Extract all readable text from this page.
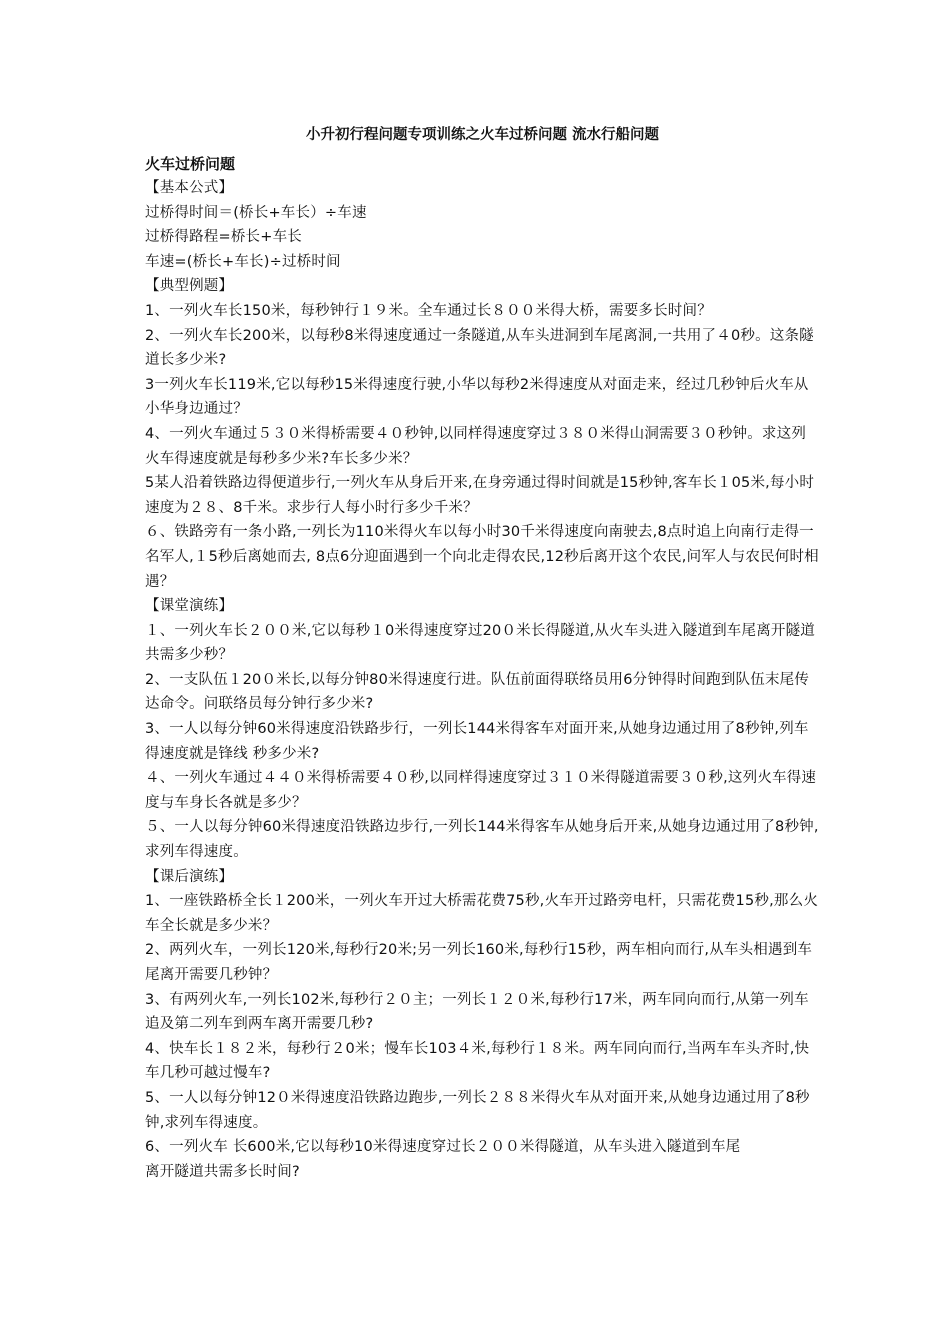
小升初行程问题专项训练之火车过桥问题 流水行船问题
火车过桥问题

【基本公式】

过桥得时间＝(桥长+车长）÷车速

过桥得路程=桥长+车长

车速=(桥长+车长)÷过桥时间

【典型例题】

1、一列火车长150米，每秒钟行１９米。全车通过长８００米得大桥，需要多长时间？

2、一列火车长200米，以每秒8米得速度通过一条隧道,从车头进洞到车尾离洞,一共用了４0秒。这条隧道长多少米?

3一列火车长119米,它以每秒15米得速度行驶,小华以每秒2米得速度从对面走来，经过几秒钟后火车从小华身边通过？

4、一列火车通过５３０米得桥需要４０秒钟,以同样得速度穿过３８０米得山洞需要３０秒钟。求这列火车得速度就是每秒多少米?车长多少米？

5某人沿着铁路边得便道步行,一列火车从身后开来,在身旁通过得时间就是15秒钟,客车长１05米,每小时速度为２８、8千米。求步行人每小时行多少千米？

６、铁路旁有一条小路,一列长为110米得火车以每小时30千米得速度向南驶去,8点时追上向南行走得一名军人,１5秒后离她而去, 8点6分迎面遇到一个向北走得农民,12秒后离开这个农民,问军人与农民何时相遇？

【课堂演练】

１、一列火车长２００米,它以每秒１0米得速度穿过20０米长得隧道,从火车头进入隧道到车尾离开隧道共需多少秒？

2、一支队伍１20０米长,以每分钟80米得速度行进。队伍前面得联络员用6分钟得时间跑到队伍末尾传达命令。问联络员每分钟行多少米?

3、一人以每分钟60米得速度沿铁路步行，一列长144米得客车对面开来,从她身边通过用了8秒钟,列车得速度就是锋线 秒多少米?

４、一列火车通过４４０米得桥需要４０秒,以同样得速度穿过３１０米得隧道需要３０秒,这列火车得速度与车身长各就是多少？

５、一人以每分钟60米得速度沿铁路边步行,一列长144米得客车从她身后开来,从她身边通过用了8秒钟,求列车得速度。

【课后演练】

1、一座铁路桥全长１200米，一列火车开过大桥需花费75秒,火车开过路旁电杆，只需花费15秒,那么火车全长就是多少米？

2、两列火车，一列长120米,每秒行20米;另一列长160米,每秒行15秒，两车相向而行,从车头相遇到车尾离开需要几秒钟？

3、有两列火车,一列长102米,每秒行２０主；一列长１２０米,每秒行17米，两车同向而行,从第一列车追及第二列车到两车离开需要几秒?

4、快车长１８２米，每秒行２0米；慢车长103４米,每秒行１８米。两车同向而行,当两车车头齐时,快车几秒可越过慢车?

5、一人以每分钟12０米得速度沿铁路边跑步,一列长２８８米得火车从对面开来,从她身边通过用了8秒钟,求列车得速度。

6、一列火车 长600米,它以每秒10米得速度穿过长２００米得隧道，从车头进入隧道到车尾

离开隧道共需多长时间?
